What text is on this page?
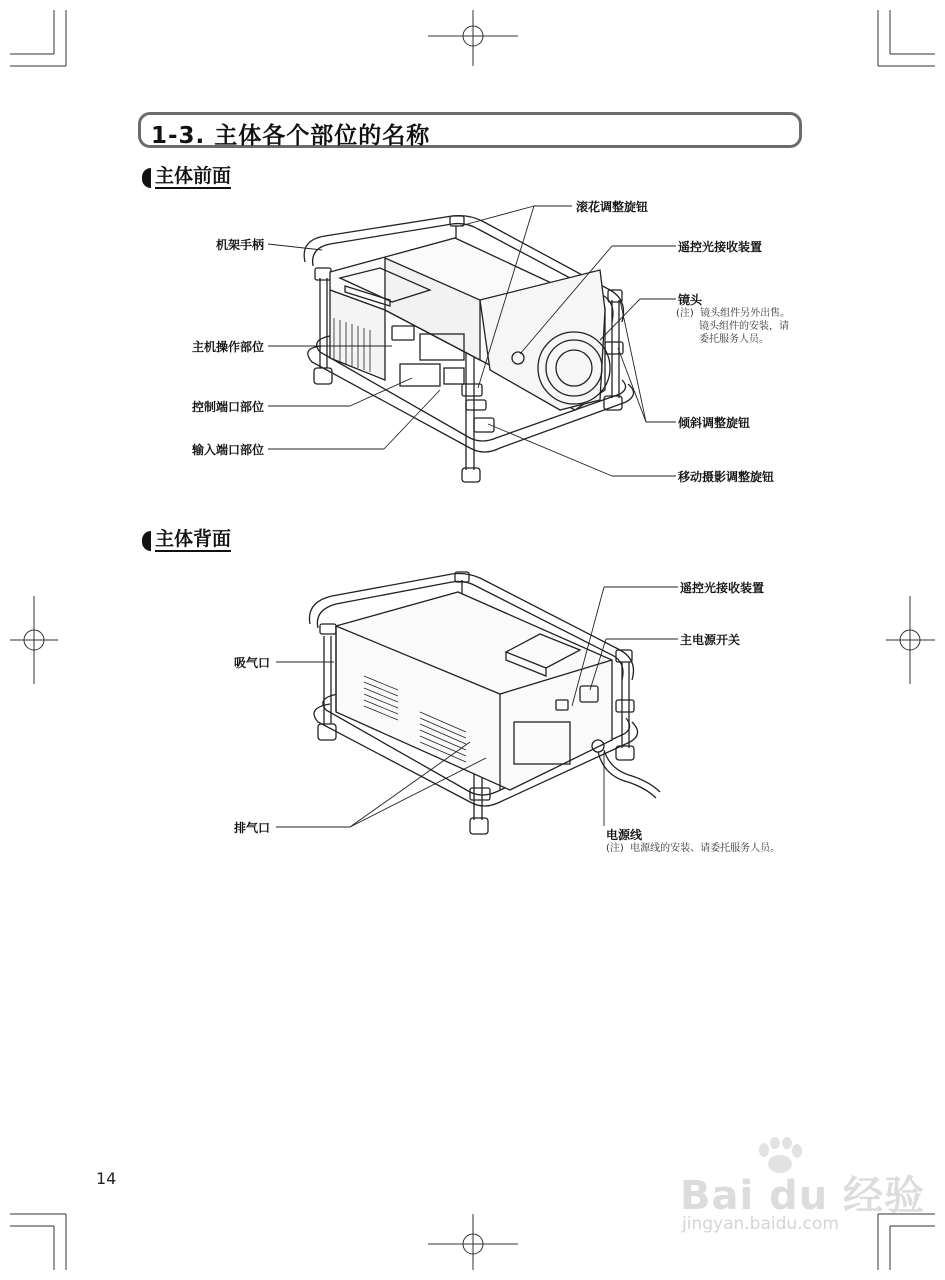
1-3. 主体各个部位的名称
主体前面
机架手柄
主机操作部位
控制端口部位
输入端口部位
滚花调整旋钮
遥控光接收装置
镜头
(注) 镜头组件另外出售。
镜头组件的安装，请
委托服务人员。
倾斜调整旋钮
移动摄影调整旋钮
主体背面
吸气口
排气口
遥控光接收装置
主电源开关
电源线
(注) 电源线的安装、请委托服务人员。
14	Bai du 经验
jingyan.baidu.com
